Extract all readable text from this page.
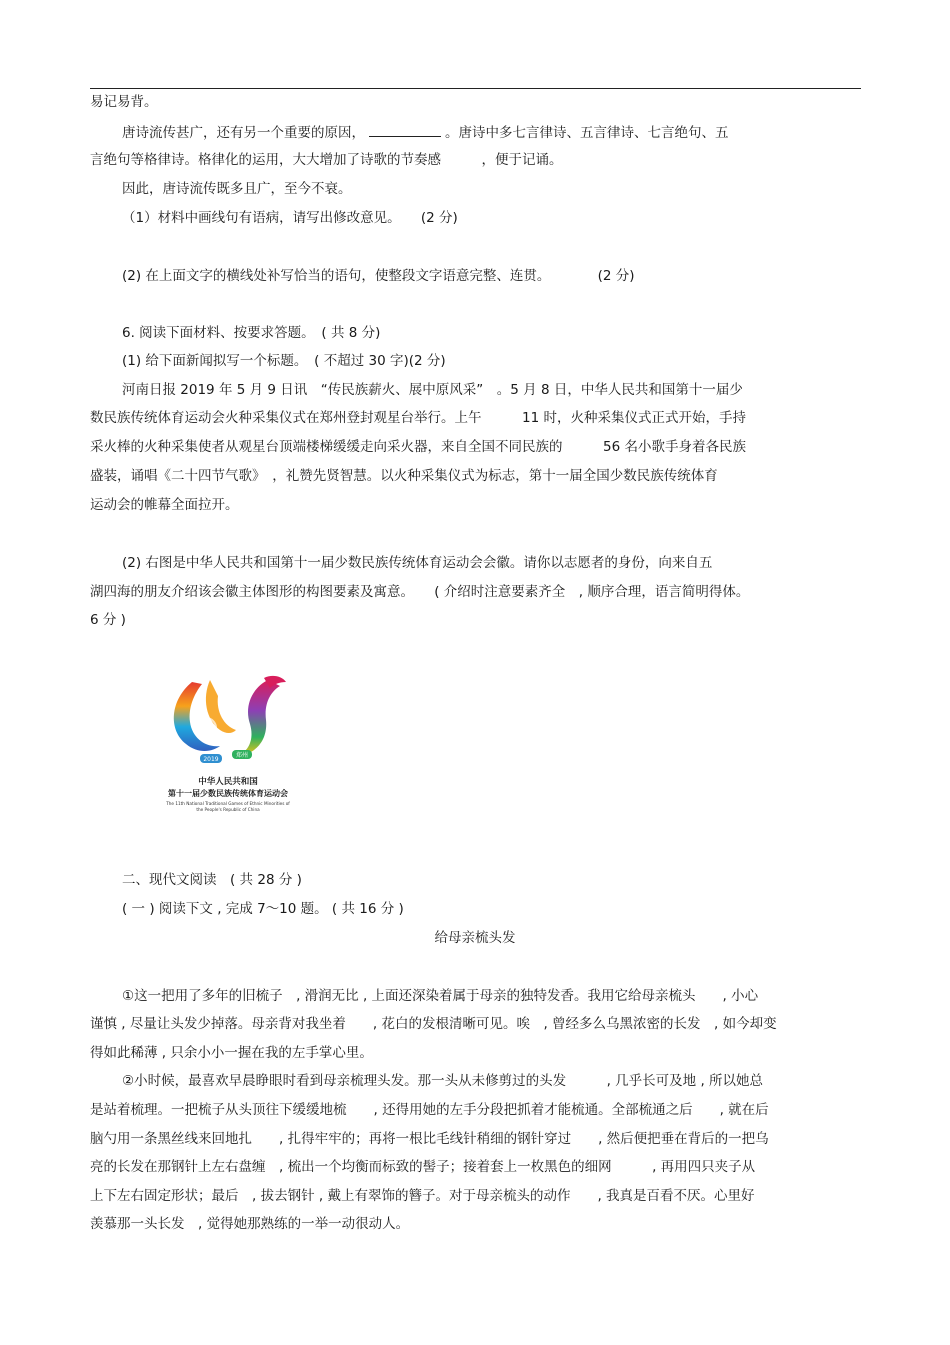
易记易背。
唐诗流传甚广，还有另一个重要的原因，	。唐诗中多七言律诗、五言律诗、七言绝句、五
言绝句等格律诗。格律化的运用，大大增加了诗歌的节奏感　　　，便于记诵。
因此，唐诗流传既多且广，至今不衰。
（1）材料中画线句有语病，请写出修改意见。　　(2 分)
(2) 在上面文字的横线处补写恰当的语句，使整段文字语意完整、连贯。　　　　(2 分)
6. 阅读下面材料、按要求答题。　( 共 8 分)
(1) 给下面新闻拟写一个标题。　( 不超过 30 字)(2 分)
河南日报 2019 年 5 月 9 日讯　“传民族薪火、展中原风采”　。5 月 8 日，中华人民共和国第十一届少
数民族传统体育运动会火种采集仪式在郑州登封观星台举行。上午　　　11 时，火种采集仪式正式开始，手持
采火棒的火种采集使者从观星台顶端楼梯缓缓走向采火器，来自全国不同民族的　　　56 名小歌手身着各民族
盛装，诵唱《二十四节气歌》　，礼赞先贤智慧。以火种采集仪式为标志，第十一届全国少数民族传统体育
运动会的帷幕全面拉开。
(2) 右图是中华人民共和国第十一届少数民族传统体育运动会会徽。请你以志愿者的身份，向来自五
湖四海的朋友介绍该会徽主体图形的构图要素及寓意。　　( 介绍时注意要素齐全　, 顺序合理，语言简明得体。
6 分 )
2019
郑州
中华人民共和国
第十一届少数民族传统体育运动会
The 11th National Traditional Games of Ethnic Minorities of
the People's Republic of China
二、现代文阅读　( 共 28 分 )
( 一 ) 阅读下文 , 完成 7～10 题。 ( 共 16 分 )
给母亲梳头发
①这一把用了多年的旧梳子　, 滑润无比 , 上面还深染着属于母亲的独特发香。我用它给母亲梳头　　, 小心
谨慎 , 尽量让头发少掉落。母亲背对我坐着　　, 花白的发根清晰可见。唉　, 曾经多么乌黑浓密的长发　, 如今却变
得如此稀薄 , 只余小小一握在我的左手掌心里。
②小时候，最喜欢早晨睁眼时看到母亲梳理头发。那一头从未修剪过的头发　　　, 几乎长可及地 , 所以她总
是站着梳理。一把梳子从头顶往下缓缓地梳　　, 还得用她的左手分段把抓着才能梳通。全部梳通之后　　, 就在后
脑勺用一条黑丝线来回地扎　　, 扎得牢牢的；再将一根比毛线针稍细的钢针穿过　　, 然后便把垂在背后的一把乌
亮的长发在那钢针上左右盘缠　, 梳出一个均衡而标致的髻子；接着套上一枚黑色的细网　　　, 再用四只夹子从
上下左右固定形状；最后　, 拔去钢针 , 戴上有翠饰的簪子。对于母亲梳头的动作　　, 我真是百看不厌。心里好
羡慕那一头长发　, 觉得她那熟练的一举一动很动人。
